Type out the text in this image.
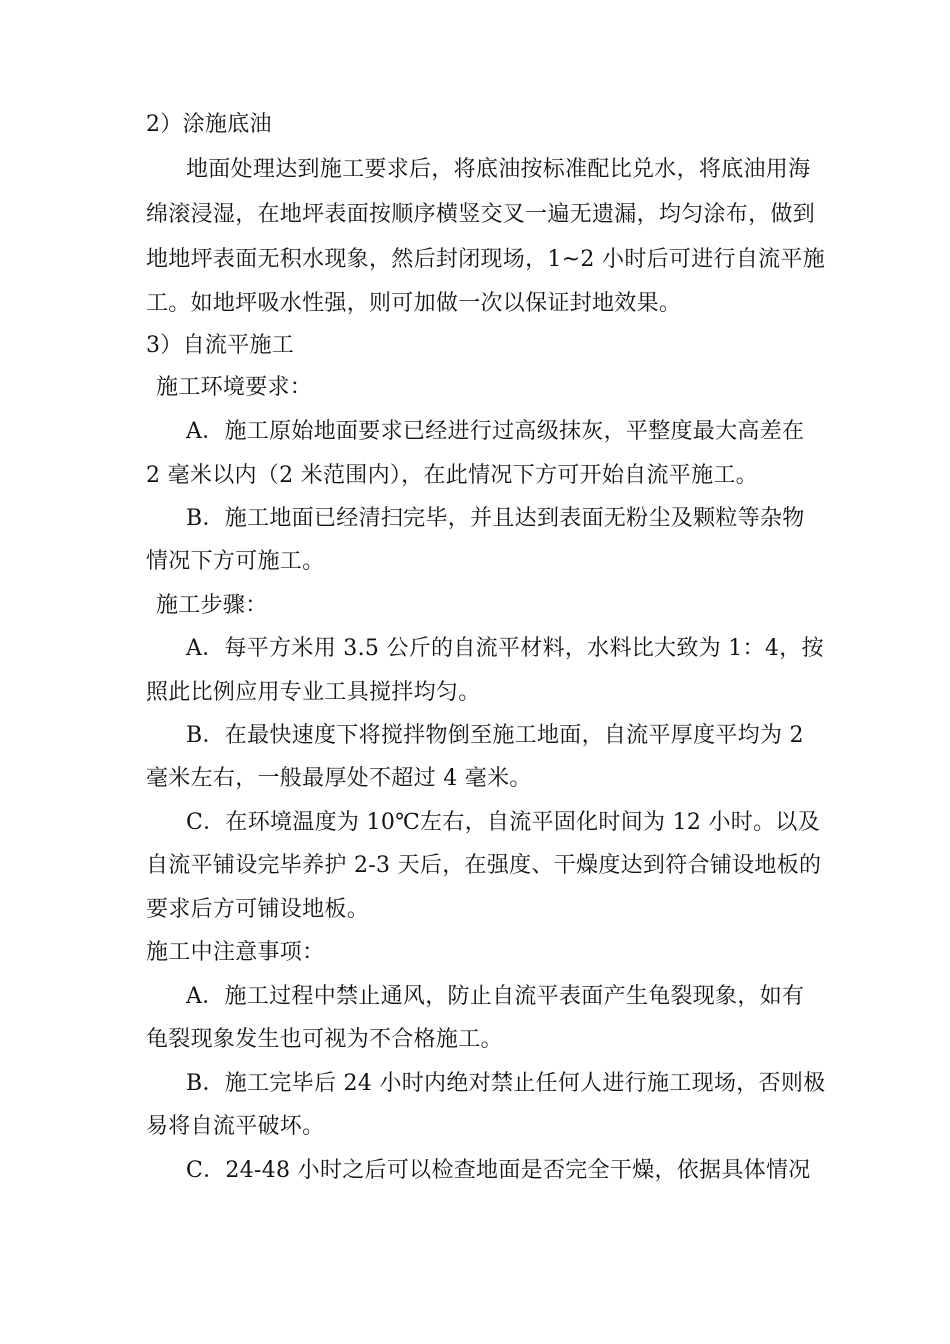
2）涂施底油
地面处理达到施工要求后，将底油按标准配比兑水，将底油用海
绵滚浸湿，在地坪表面按顺序横竖交叉一遍无遗漏，均匀涂布，做到
地地坪表面无积水现象，然后封闭现场，1~2 小时后可进行自流平施
工。如地坪吸水性强，则可加做一次以保证封地效果。
3）自流平施工
施工环境要求：
A．施工原始地面要求已经进行过高级抹灰，平整度最大高差在
2 毫米以内（2 米范围内），在此情况下方可开始自流平施工。
B．施工地面已经清扫完毕，并且达到表面无粉尘及颗粒等杂物
情况下方可施工。
施工步骤：
A．每平方米用 3.5 公斤的自流平材料，水料比大致为 1：4，按
照此比例应用专业工具搅拌均匀。
B．在最快速度下将搅拌物倒至施工地面，自流平厚度平均为 2
毫米左右，一般最厚处不超过 4 毫米。
C．在环境温度为 10℃左右，自流平固化时间为 12 小时。以及
自流平铺设完毕养护 2-3 天后，在强度、干燥度达到符合铺设地板的
要求后方可铺设地板。
施工中注意事项：
A．施工过程中禁止通风，防止自流平表面产生龟裂现象，如有
龟裂现象发生也可视为不合格施工。
B．施工完毕后 24 小时内绝对禁止任何人进行施工现场，否则极
易将自流平破坏。
C．24-48 小时之后可以检查地面是否完全干燥，依据具体情况
